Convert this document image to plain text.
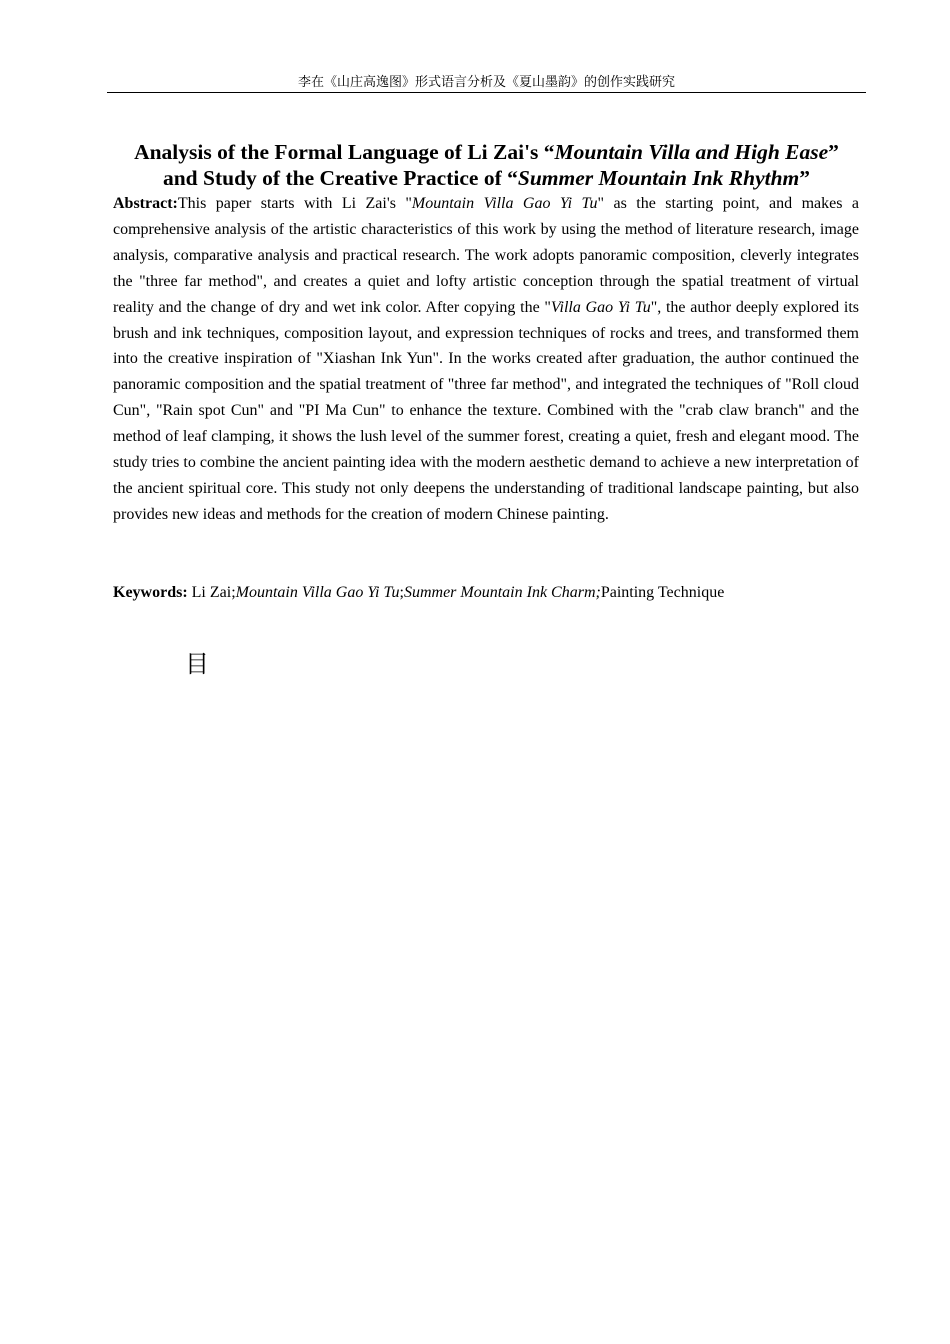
李在《山庄高逸图》形式语言分析及《夏山墨韵》的创作实践研究
Analysis of the Formal Language of Li Zai's “Mountain Villa and High Ease”
and Study of the Creative Practice of “Summer Mountain Ink Rhythm”

Abstract:This paper starts with Li Zai's "Mountain Villa Gao Yi Tu" as the starting point, and makes a comprehensive analysis of the artistic characteristics of this work by using the method of literature research, image analysis, comparative analysis and practical research. The work adopts panoramic composition, cleverly integrates the "three far method", and creates a quiet and lofty artistic conception through the spatial treatment of virtual reality and the change of dry and wet ink color. After copying the "Villa Gao Yi Tu", the author deeply explored its brush and ink techniques, composition layout, and expression techniques of rocks and trees, and transformed them into the creative inspiration of "Xiashan Ink Yun". In the works created after graduation, the author continued the panoramic composition and the spatial treatment of "three far method", and integrated the techniques of "Roll cloud Cun", "Rain spot Cun" and "PI Ma Cun" to enhance the texture. Combined with the "crab claw branch" and the method of leaf clamping, it shows the lush level of the summer forest, creating a quiet, fresh and elegant mood. The study tries to combine the ancient painting idea with the modern aesthetic demand to achieve a new interpretation of the ancient spiritual core. This study not only deepens the understanding of traditional landscape painting, but also provides new ideas and methods for the creation of modern Chinese painting.

Keywords: Li Zai;Mountain Villa Gao Yi Tu;Summer Mountain Ink Charm;Painting Technique

目
